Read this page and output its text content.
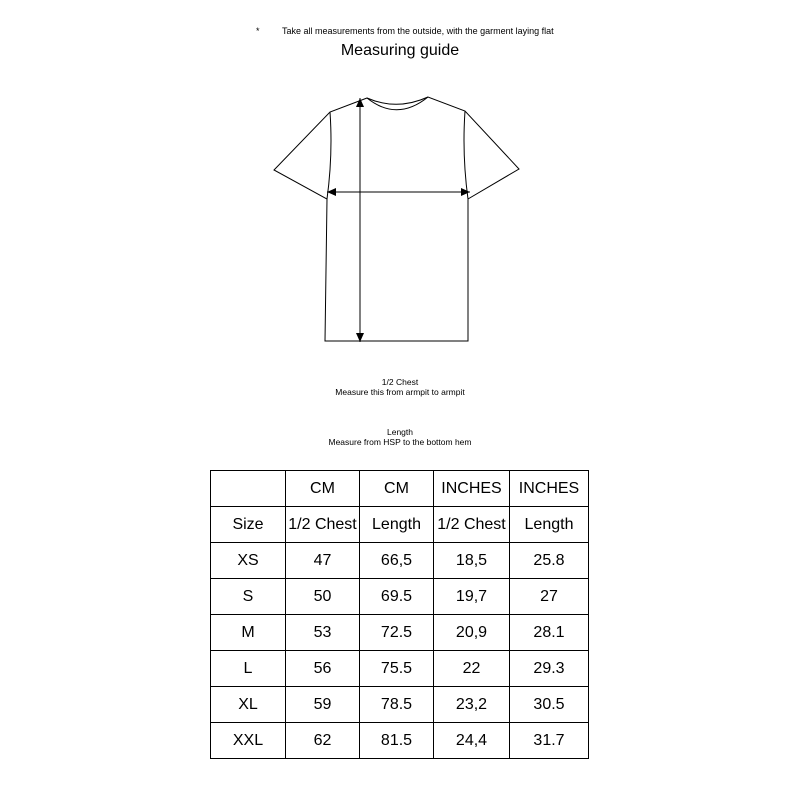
* Take all measurements from the outside, with the garment laying flat
Measuring guide
1/2 Chest
Measure this from armpit to armpit
Length
Measure from HSP to the bottom hem
	CM	CM	INCHES	INCHES
Size	1/2 Chest	Length	1/2 Chest	Length
XS	47	66,5	18,5	25.8
S	50	69.5	19,7	27
M	53	72.5	20,9	28.1
L	56	75.5	22	29.3
XL	59	78.5	23,2	30.5
XXL	62	81.5	24,4	31.7
